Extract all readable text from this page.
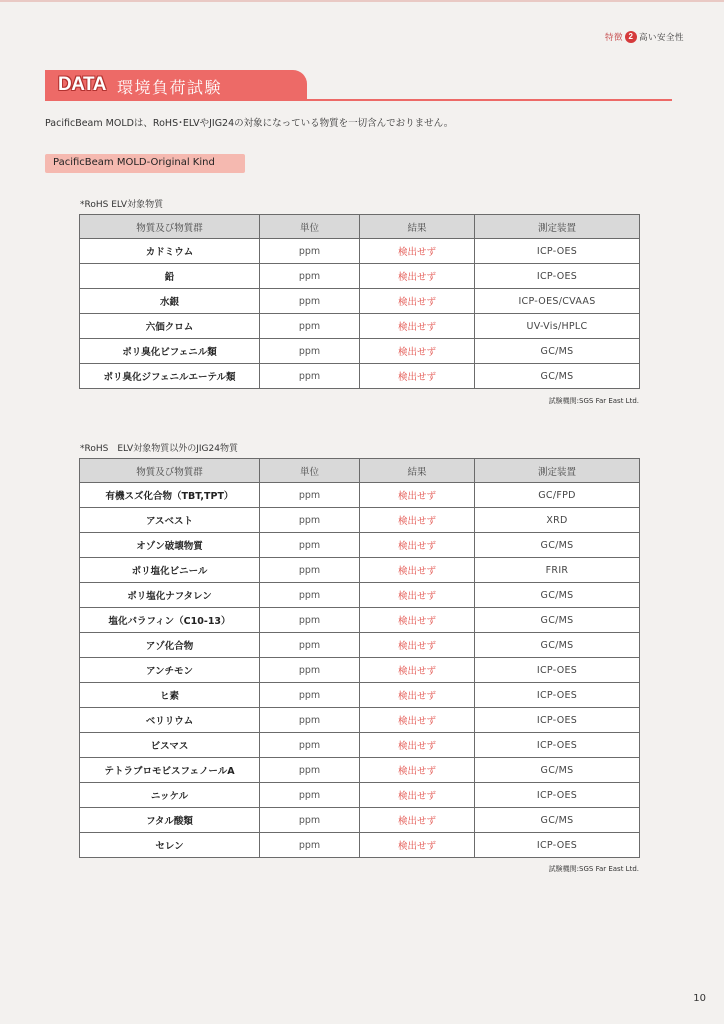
特徴 2 高い安全性
DATA 環境負荷試験
PacificBeam MOLDは、RoHS･ELVやJIG24の対象になっている物質を一切含んでおりません。
PacificBeam MOLD-Original Kind
*RoHS ELV対象物質
物質及び物質群	単位	結果	測定装置
カドミウム	ppm	検出せず	ICP-OES
鉛	ppm	検出せず	ICP-OES
水銀	ppm	検出せず	ICP-OES/CVAAS
六価クロム	ppm	検出せず	UV-Vis/HPLC
ポリ臭化ビフェニル類	ppm	検出せず	GC/MS
ポリ臭化ジフェニルエーテル類	ppm	検出せず	GC/MS
試験機関:SGS Far East Ltd.
*RoHS　ELV対象物質以外のJIG24物質
物質及び物質群	単位	結果	測定装置
有機スズ化合物（TBT,TPT）	ppm	検出せず	GC/FPD
アスベスト	ppm	検出せず	XRD
オゾン破壊物質	ppm	検出せず	GC/MS
ポリ塩化ビニール	ppm	検出せず	FRIR
ポリ塩化ナフタレン	ppm	検出せず	GC/MS
塩化パラフィン（C10-13）	ppm	検出せず	GC/MS
アゾ化合物	ppm	検出せず	GC/MS
アンチモン	ppm	検出せず	ICP-OES
ヒ素	ppm	検出せず	ICP-OES
ベリリウム	ppm	検出せず	ICP-OES
ビスマス	ppm	検出せず	ICP-OES
テトラブロモビスフェノールA	ppm	検出せず	GC/MS
ニッケル	ppm	検出せず	ICP-OES
フタル酸類	ppm	検出せず	GC/MS
セレン	ppm	検出せず	ICP-OES
試験機関:SGS Far East Ltd.
10
